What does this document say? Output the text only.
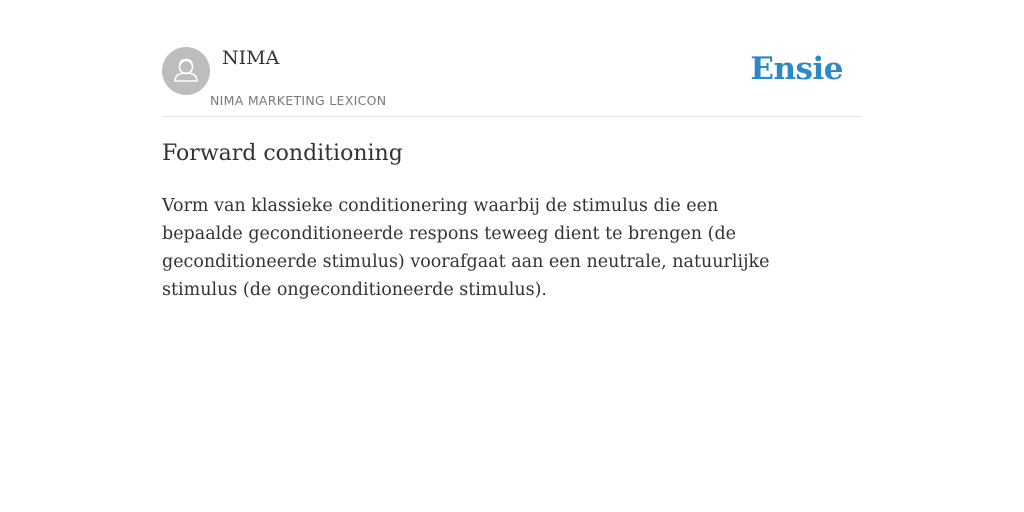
NIMA
NIMA MARKETING LEXICON
Ensie
Forward conditioning

Vorm van klassieke conditionering waarbij de stimulus die een bepaalde geconditioneerde respons teweeg dient te brengen (de geconditioneerde stimulus) voorafgaat aan een neutrale, natuurlijke stimulus (de ongeconditioneerde stimulus).
